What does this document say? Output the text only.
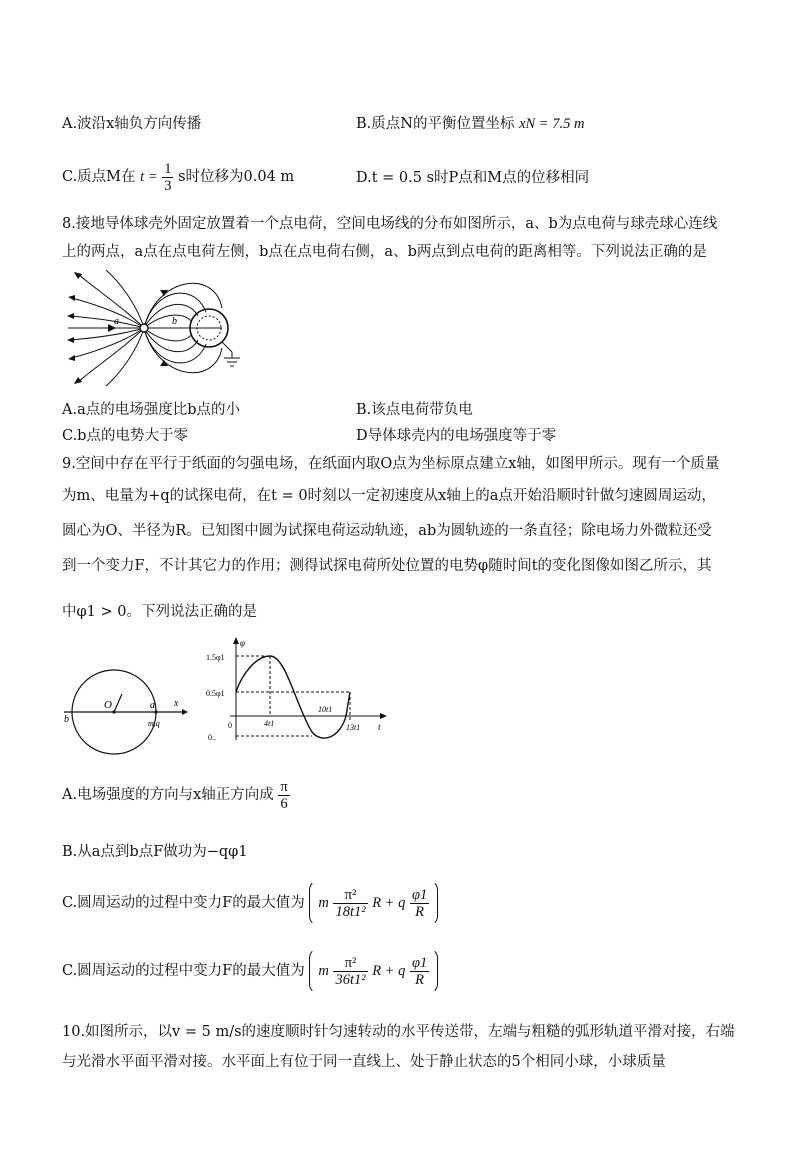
A.波沿x轴负方向传播	B.质点N的平衡位置坐标 xN = 7.5 m
C.质点M在 $t = \frac{1}{3}$ s时位移为0.04 m	D.t = 0.5 s时P点和M点的位移相同
8.接地导体球壳外固定放置着一个点电荷，空间电场线的分布如图所示，a、b为点电荷与球壳球心连线
上的两点，a点在点电荷左侧，b点在点电荷右侧，a、b两点到点电荷的距离相等。下列说法正确的是
a	b
A.a点的电场强度比b点的小	B.该点电荷带负电
C.b点的电势大于零	D导体球壳内的电场强度等于零
9.空间中存在平行于纸面的匀强电场，在纸面内取O点为坐标原点建立x轴，如图甲所示。现有一个质量
为m、电量为+q的试探电荷，在t = 0时刻以一定初速度从x轴上的a点开始沿顺时针做匀速圆周运动，
圆心为O、半径为R。已知图中圆为试探电荷运动轨迹，ab为圆轨迹的一条直径；除电场力外微粒还受
到一个变力F，不计其它力的作用；测得试探电荷所处位置的电势φ随时间t的变化图像如图乙所示，其
中φ1 > 0。下列说法正确的是
b
O	a x
m,q
φ
t
1.5φ1
0.5φ1
0
0..
4t1
10t1
13t1
A.电场强度的方向与x轴正方向成 $\frac{\pi}{6}$
B.从a点到b点F做功为−qφ1
C.圆周运动的过程中变力F的最大值为 m $\frac{\text{π²}}{\text{18t1²}}$ R + q $\frac{\varphi 1}{R}$
C.圆周运动的过程中变力F的最大值为 m $\frac{\text{π²}}{\text{36t1²}}$ R + q $\frac{\varphi 1}{R}$
10.如图所示，以v = 5 m/s的速度顺时针匀速转动的水平传送带，左端与粗糙的弧形轨道平滑对接，右端
与光滑水平面平滑对接。水平面上有位于同一直线上、处于静止状态的5个相同小球，小球质量
